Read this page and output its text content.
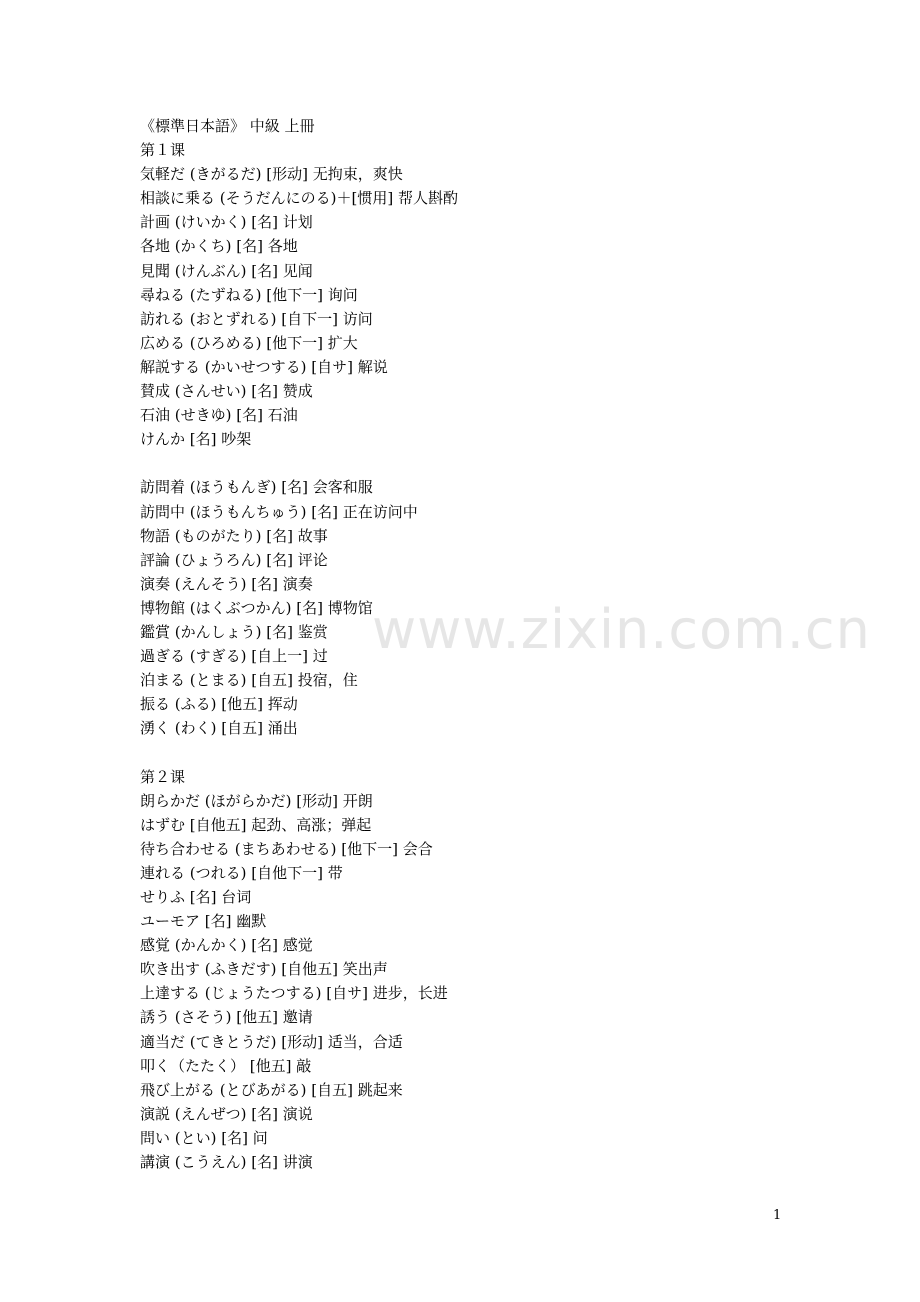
www.zixin.com.cn
《標準日本語》 中級 上冊
第１课
気軽だ (きがるだ) [形动] 无拘束，爽快
相談に乗る (そうだんにのる)＋[惯用] 帮人斟酌
計画 (けいかく) [名] 计划
各地 (かくち) [名] 各地
見聞 (けんぶん) [名] 见闻
尋ねる (たずねる) [他下一] 询问
訪れる (おとずれる) [自下一] 访问
広める (ひろめる) [他下一] 扩大
解説する (かいせつする) [自サ] 解说
賛成 (さんせい) [名] 赞成
石油 (せきゆ) [名] 石油
けんか [名] 吵架
訪問着 (ほうもんぎ) [名] 会客和服
訪問中 (ほうもんちゅう) [名] 正在访问中
物語 (ものがたり) [名] 故事
評論 (ひょうろん) [名] 评论
演奏 (えんそう) [名] 演奏
博物館 (はくぶつかん) [名] 博物馆
鑑賞 (かんしょう) [名] 鉴赏
過ぎる (すぎる) [自上一] 过
泊まる (とまる) [自五] 投宿，住
振る (ふる) [他五] 挥动
湧く (わく) [自五] 涌出
第２课
朗らかだ (ほがらかだ) [形动] 开朗
はずむ [自他五] 起劲、高涨；弹起
待ち合わせる (まちあわせる) [他下一] 会合
連れる (つれる) [自他下一] 带
せりふ [名] 台词
ユーモア [名] 幽默
感覚 (かんかく) [名] 感觉
吹き出す (ふきだす) [自他五] 笑出声
上達する (じょうたつする) [自サ] 进步，长进
誘う (さそう) [他五] 邀请
適当だ (てきとうだ) [形动] 适当，合适
叩く（たたく） [他五] 敲
飛び上がる (とびあがる) [自五] 跳起来
演説 (えんぜつ) [名] 演说
問い (とい) [名] 问
講演 (こうえん) [名] 讲演
1
